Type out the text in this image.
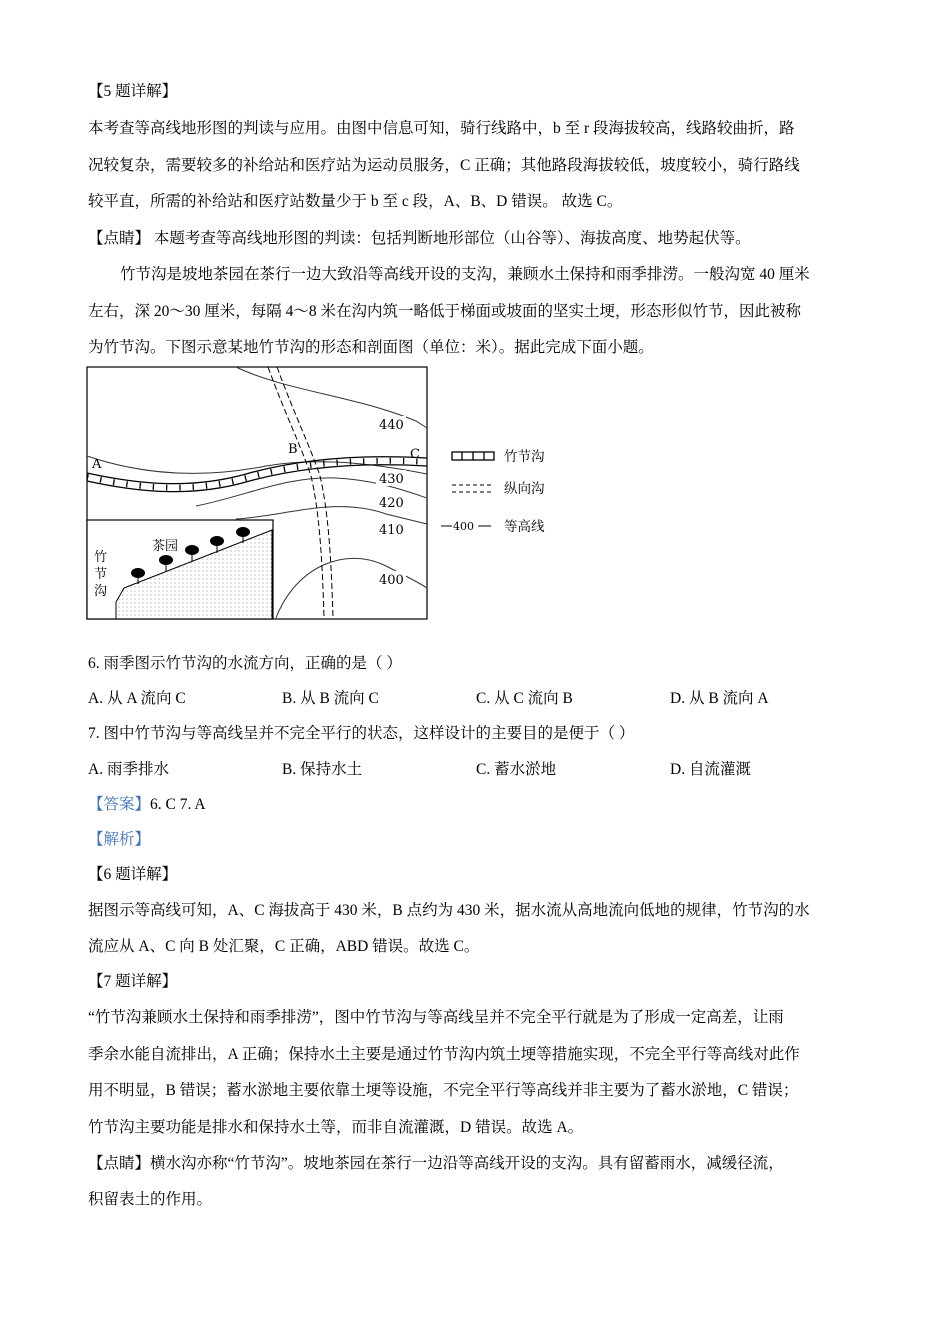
【5 题详解】
本考查等高线地形图的判读与应用。由图中信息可知，骑行线路中，b 至 r 段海拔较高，线路较曲折，路
况较复杂，需要较多的补给站和医疗站为运动员服务，C 正确；其他路段海拔较低，坡度较小，骑行路线
较平直，所需的补给站和医疗站数量少于 b 至 c 段，A、B、D 错误。 故选 C。
【点睛】 本题考查等高线地形图的判读：包括判断地形部位（山谷等）、海拔高度、地势起伏等。
竹节沟是坡地茶园在茶行一边大致沿等高线开设的支沟，兼顾水土保持和雨季排涝。一般沟宽 40 厘米
左右，深 20～30 厘米，每隔 4～8 米在沟内筑一略低于梯面或坡面的坚实土埂，形态形似竹节，因此被称
为竹节沟。下图示意某地竹节沟的形态和剖面图（单位：米）。据此完成下面小题。
A
B	C
440
430
420
410
400
茶园
竹
节
沟
竹节沟
纵向沟
400 等高线
6. 雨季图示竹节沟的水流方向，正确的是（ ）
A. 从 A 流向 C	B. 从 B 流向 C	C. 从 C 流向 B	D. 从 B 流向 A
7. 图中竹节沟与等高线呈并不完全平行的状态，这样设计的主要目的是便于（ ）
A. 雨季排水	B. 保持水土	C. 蓄水淤地	D. 自流灌溉
【答案】6. C 7. A
【解析】
【6 题详解】
据图示等高线可知，A、C 海拔高于 430 米，B 点约为 430 米，据水流从高地流向低地的规律，竹节沟的水
流应从 A、C 向 B 处汇聚，C 正确，ABD 错误。故选 C。
【7 题详解】
“竹节沟兼顾水土保持和雨季排涝”，图中竹节沟与等高线呈并不完全平行就是为了形成一定高差，让雨
季余水能自流排出，A 正确；保持水土主要是通过竹节沟内筑土埂等措施实现，不完全平行等高线对此作
用不明显，B 错误；蓄水淤地主要依靠土埂等设施，不完全平行等高线并非主要为了蓄水淤地，C 错误；
竹节沟主要功能是排水和保持水土等，而非自流灌溉，D 错误。故选 A。
【点睛】横水沟亦称“竹节沟”。坡地茶园在茶行一边沿等高线开设的支沟。具有留蓄雨水，减缓径流，
积留表土的作用。
